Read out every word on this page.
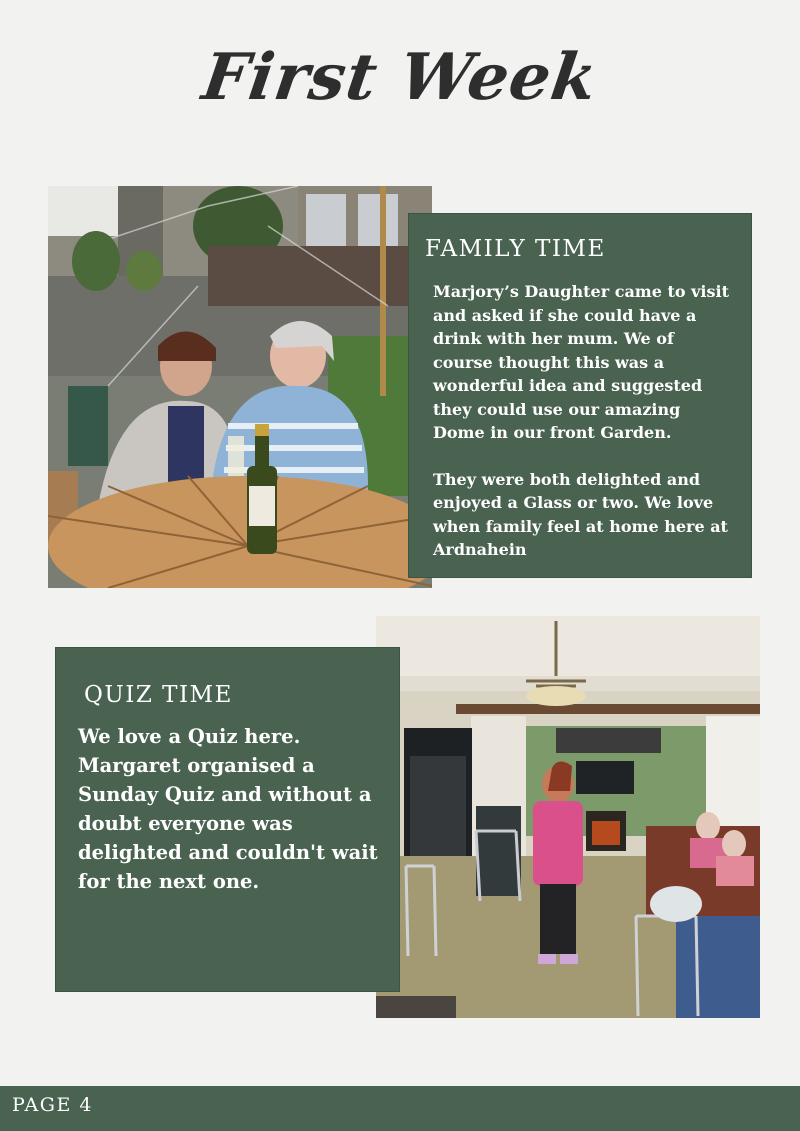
First Week
FAMILY TIME

Marjory’s Daughter came to visit and asked if she could have a drink with her mum. We of course thought this was a wonderful idea and suggested they could use our amazing Dome in our front Garden.

They were both delighted and enjoyed a Glass or two. We love when family feel at home here at Ardnahein

QUIZ TIME

We love a Quiz here. Margaret organised a Sunday Quiz and without a doubt everyone was delighted and couldn't wait for the next one.

PAGE 4
